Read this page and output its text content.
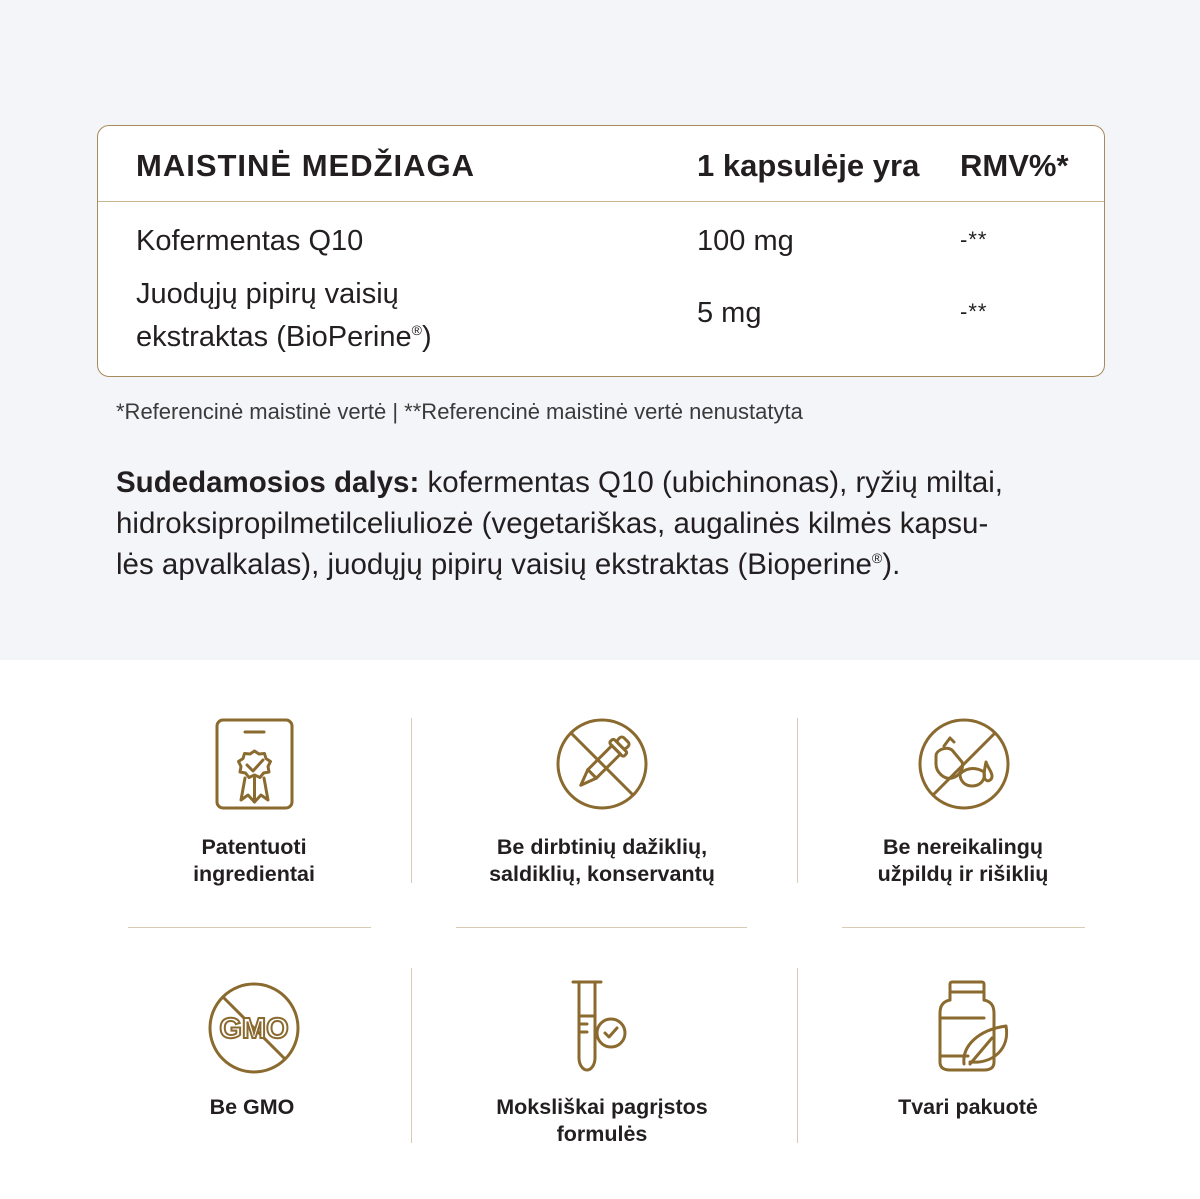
MAISTINĖ MEDŽIAGA	1 kapsulėje yra RMV%*
Kofermentas Q10	100 mg	-**
Juodųjų pipirų vaisių
ekstraktas (BioPerine®)
5 mg	-**
*Referencinė maistinė vertė | **Referencinė maistinė vertė nenustatyta
Sudedamosios dalys: kofermentas Q10 (ubichinonas), ryžių miltai,
hidroksipropilmetilceliuliozė (vegetariškas, augalinės kilmės kapsu-
lės apvalkalas), juodųjų pipirų vaisių ekstraktas (Bioperine®).
GMO
Patentuoti
ingredientai
Be dirbtinių dažiklių,
saldiklių, konservantų
Be nereikalingų
užpildų ir rišiklių
Be GMO	Moksliškai pagrįstos
formulės
Tvari pakuotė
